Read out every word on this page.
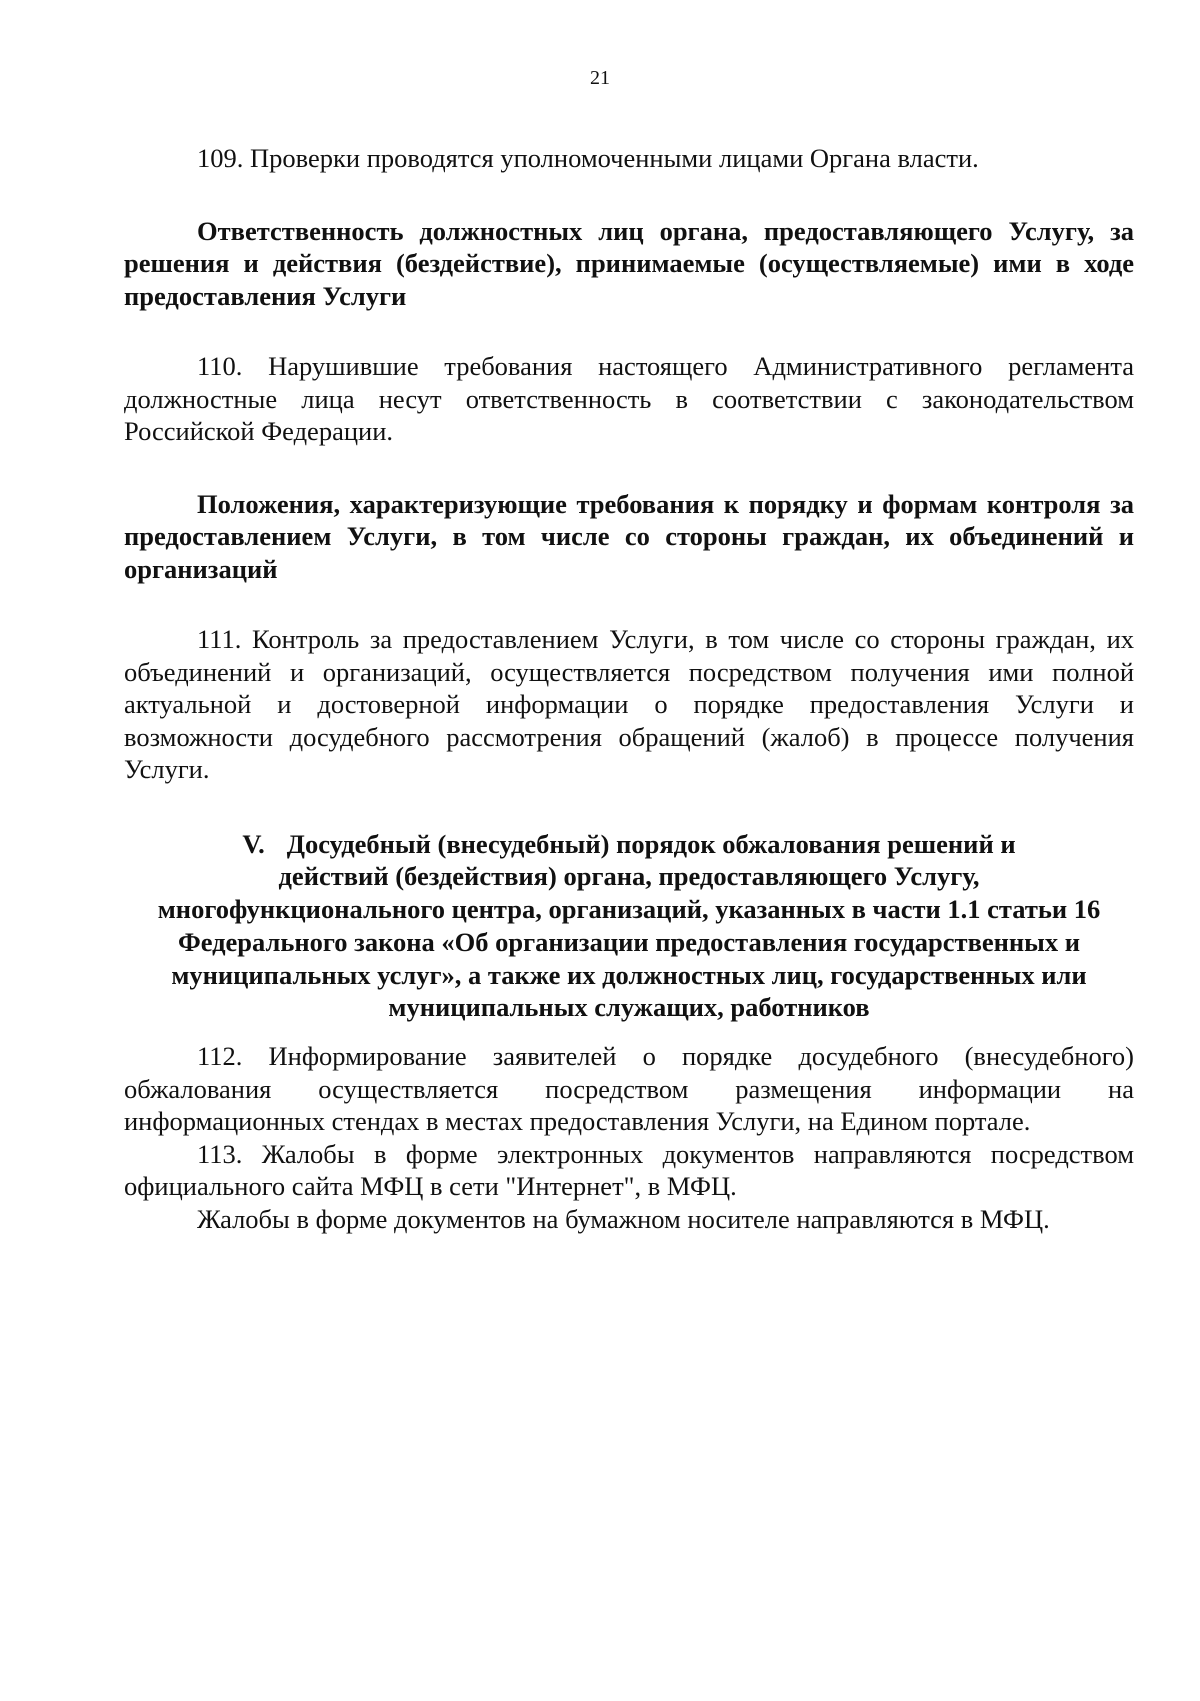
21

109. Проверки проводятся уполномоченными лицами Органа власти.

Ответственность должностных лиц органа, предоставляющего Услугу, за решения и действия (бездействие), принимаемые (осуществляемые) ими в ходе предоставления Услуги

110. Нарушившие требования настоящего Административного регламента должностные лица несут ответственность в соответствии с законодательством Российской Федерации.

Положения, характеризующие требования к порядку и формам контроля за предоставлением Услуги, в том числе со стороны граждан, их объединений и организаций

111. Контроль за предоставлением Услуги, в том числе со стороны граждан, их объединений и организаций, осуществляется посредством получения ими полной актуальной и достоверной информации о порядке предоставления Услуги и возможности досудебного рассмотрения обращений (жалоб) в процессе получения Услуги.

V. Досудебный (внесудебный) порядок обжалования решений и
действий (бездействия) органа, предоставляющего Услугу,
многофункционального центра, организаций, указанных в части 1.1 статьи 16
Федерального закона «Об организации предоставления государственных и
муниципальных услуг», а также их должностных лиц, государственных или
муниципальных служащих, работников

112. Информирование заявителей о порядке досудебного (внесудебного) обжалования осуществляется посредством размещения информации на информационных стендах в местах предоставления Услуги, на Едином портале.

113. Жалобы в форме электронных документов направляются посредством официального сайта МФЦ в сети "Интернет", в МФЦ.

Жалобы в форме документов на бумажном носителе направляются в МФЦ.
